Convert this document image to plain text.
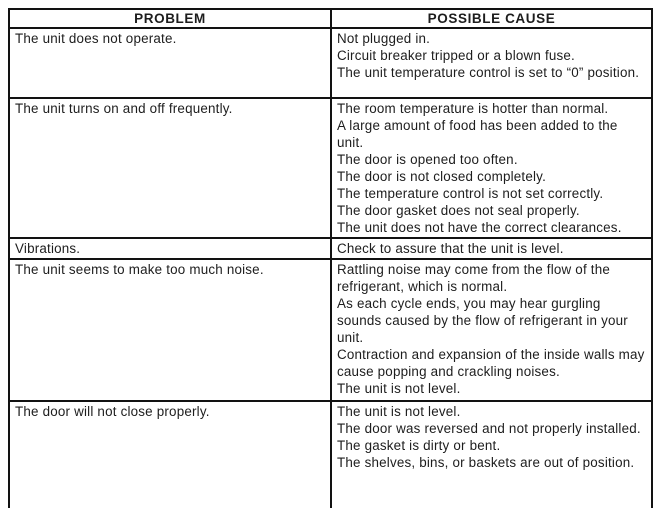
PROBLEM	POSSIBLE CAUSE
The unit does not operate.	Not plugged in.
Circuit breaker tripped or a blown fuse.
The unit temperature control is set to “0” position.

The unit turns on and off frequently.	The room temperature is hotter than normal.
A large amount of food has been added to the unit.
The door is opened too often.
The door is not closed completely.
The temperature control is not set correctly.
The door gasket does not seal properly.
The unit does not have the correct clearances.

Vibrations.	Check to assure that the unit is level.

The unit seems to make too much noise.	Rattling noise may come from the flow of the refrigerant, which is normal.
As each cycle ends, you may hear gurgling sounds caused by the flow of refrigerant in your unit.
Contraction and expansion of the inside walls may cause popping and crackling noises.
The unit is not level.

The door will not close properly.	The unit is not level.
The door was reversed and not properly installed.
The gasket is dirty or bent.
The shelves, bins, or baskets are out of position.
